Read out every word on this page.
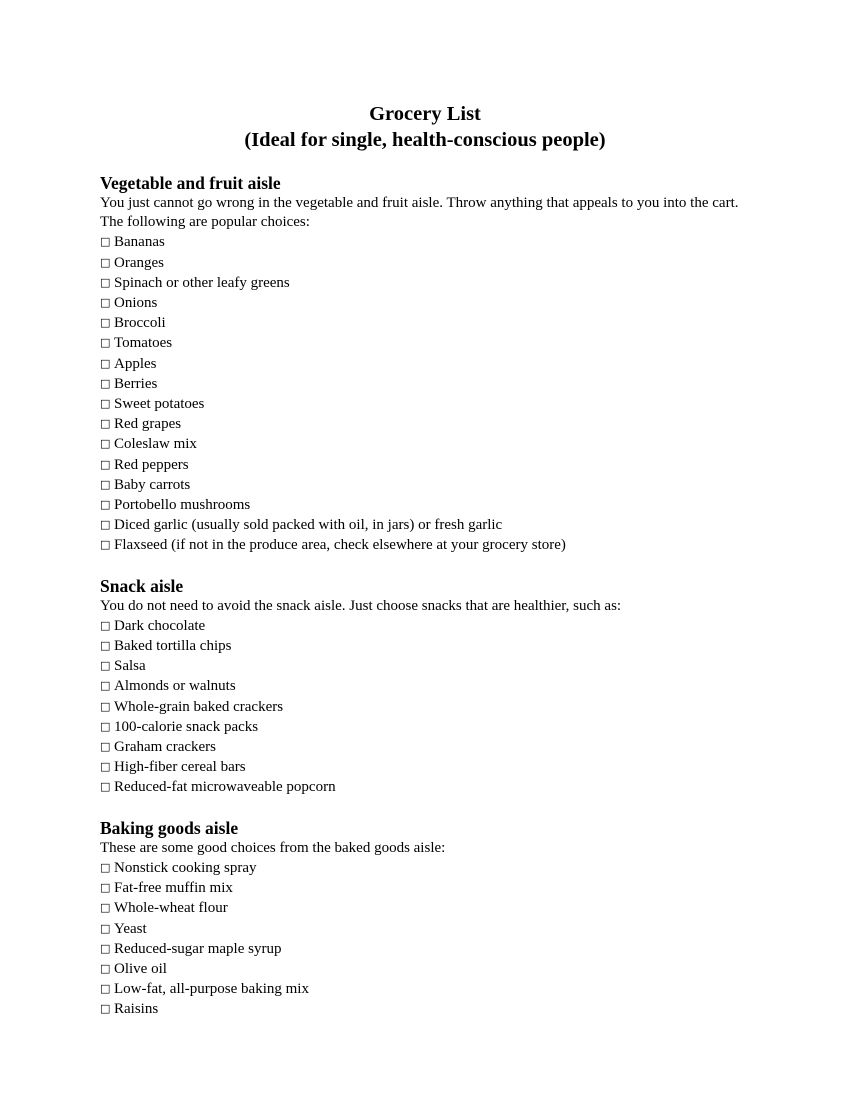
Grocery List
(Ideal for single, health-conscious people)
Vegetable and fruit aisle

You just cannot go wrong in the vegetable and fruit aisle. Throw anything that appeals to you into the cart. The following are popular choices:

□ Bananas
□ Oranges
□ Spinach or other leafy greens
□ Onions
□ Broccoli
□ Tomatoes
□ Apples
□ Berries
□ Sweet potatoes
□ Red grapes
□ Coleslaw mix
□ Red peppers
□ Baby carrots
□ Portobello mushrooms
□ Diced garlic (usually sold packed with oil, in jars) or fresh garlic
□ Flaxseed (if not in the produce area, check elsewhere at your grocery store)
Snack aisle

You do not need to avoid the snack aisle. Just choose snacks that are healthier, such as:

□ Dark chocolate
□ Baked tortilla chips
□ Salsa
□ Almonds or walnuts
□ Whole-grain baked crackers
□ 100-calorie snack packs
□ Graham crackers
□ High-fiber cereal bars
□ Reduced-fat microwaveable popcorn
Baking goods aisle

These are some good choices from the baked goods aisle:

□ Nonstick cooking spray
□ Fat-free muffin mix
□ Whole-wheat flour
□ Yeast
□ Reduced-sugar maple syrup
□ Olive oil
□ Low-fat, all-purpose baking mix
□ Raisins
